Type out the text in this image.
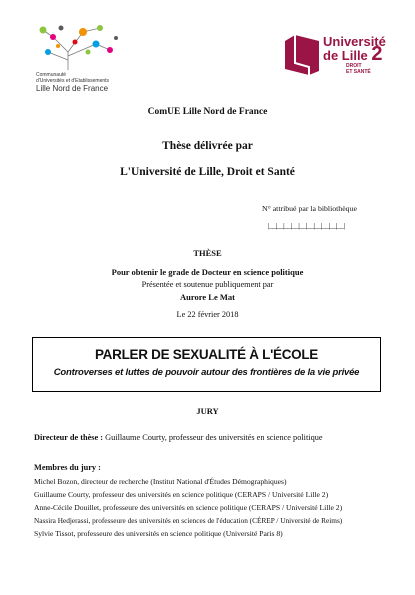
Communauté
d'Universités et d'Etablissements
Lille Nord de France
Université
de Lille 2
DROIT
ET SANTÉ
ComUE Lille Nord de France
Thèse délivrée par
L'Université de Lille, Droit et Santé
N° attribué par la bibliothèque
|__|__|__|__|__|__|__|__|__|__|
THÈSE
Pour obtenir le grade de Docteur en science politique
Présentée et soutenue publiquement par
Aurore Le Mat
Le 22 février 2018
PARLER DE SEXUALITÉ À L'ÉCOLE
Controverses et luttes de pouvoir autour des frontières de la vie privée
JURY
Directeur de thèse : Guillaume Courty, professeur des universités en science politique
Membres du jury :
Michel Bozon, directeur de recherche (Institut National d'Études Démographiques)
Guillaume Courty, professeur des universités en science politique (CERAPS / Université Lille 2)
Anne-Cécile Douillet, professeure des universités en science politique (CERAPS / Université Lille 2)
Nassira Hedjerassi, professeure des universités en sciences de l'éducation (CÉREP / Université de Reims)
Sylvie Tissot, professeure des universités en science politique (Université Paris 8)
